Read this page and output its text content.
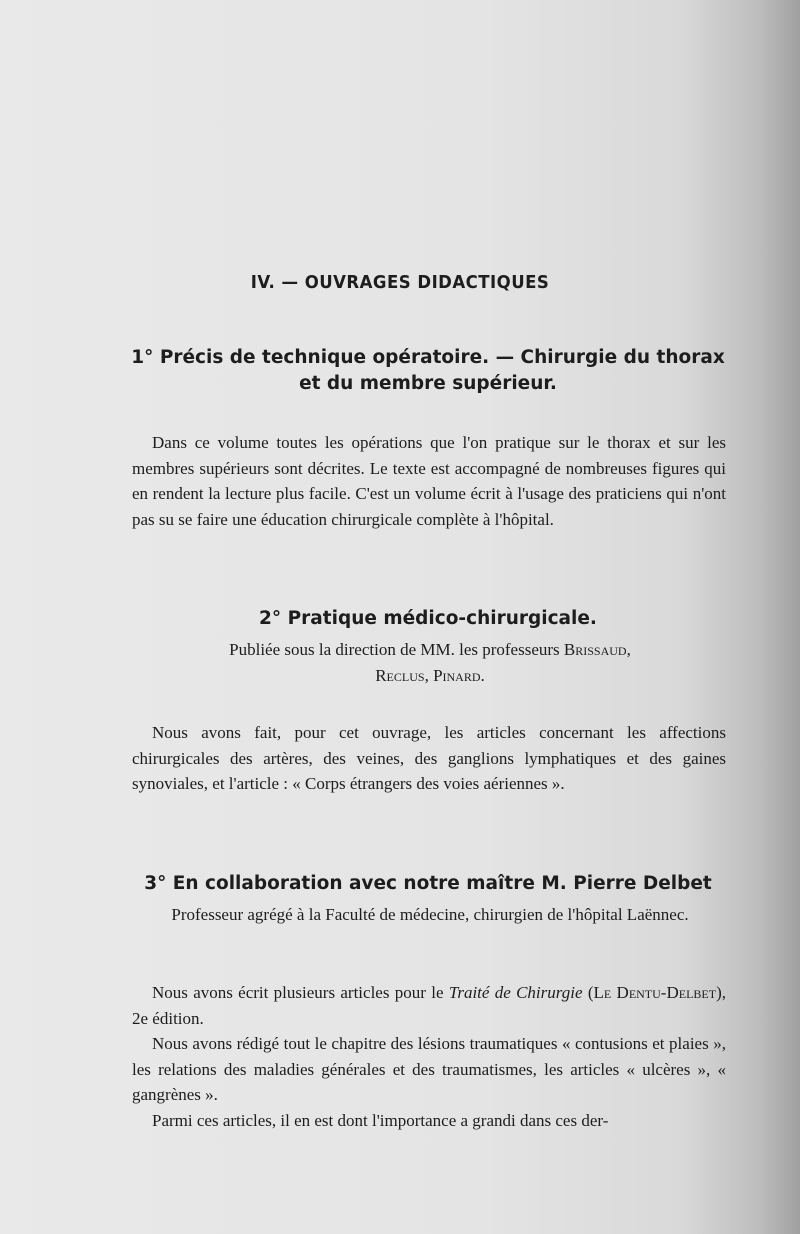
IV. — OUVRAGES DIDACTIQUES
1° Précis de technique opératoire. — Chirurgie du thorax
et du membre supérieur.

Dans ce volume toutes les opérations que l'on pratique sur le thorax et sur les membres supérieurs sont décrites. Le texte est accompagné de nombreuses figures qui en rendent la lecture plus facile. C'est un volume écrit à l'usage des praticiens qui n'ont pas su se faire une éducation chirurgicale complète à l'hôpital.

2° Pratique médico-chirurgicale.
Publiée sous la direction de MM. les professeurs Brissaud,
Reclus, Pinard.

Nous avons fait, pour cet ouvrage, les articles concernant les affections chirurgicales des artères, des veines, des ganglions lymphatiques et des gaines synoviales, et l'article : « Corps étrangers des voies aériennes ».

3° En collaboration avec notre maître M. Pierre Delbet
Professeur agrégé à la Faculté de médecine, chirurgien de l'hôpital Laënnec.

Nous avons écrit plusieurs articles pour le Traité de Chirurgie (Le Dentu-Delbet), 2e édition.

Nous avons rédigé tout le chapitre des lésions traumatiques « contusions et plaies », les relations des maladies générales et des traumatismes, les articles « ulcères », « gangrènes ».

Parmi ces articles, il en est dont l'importance a grandi dans ces der-
